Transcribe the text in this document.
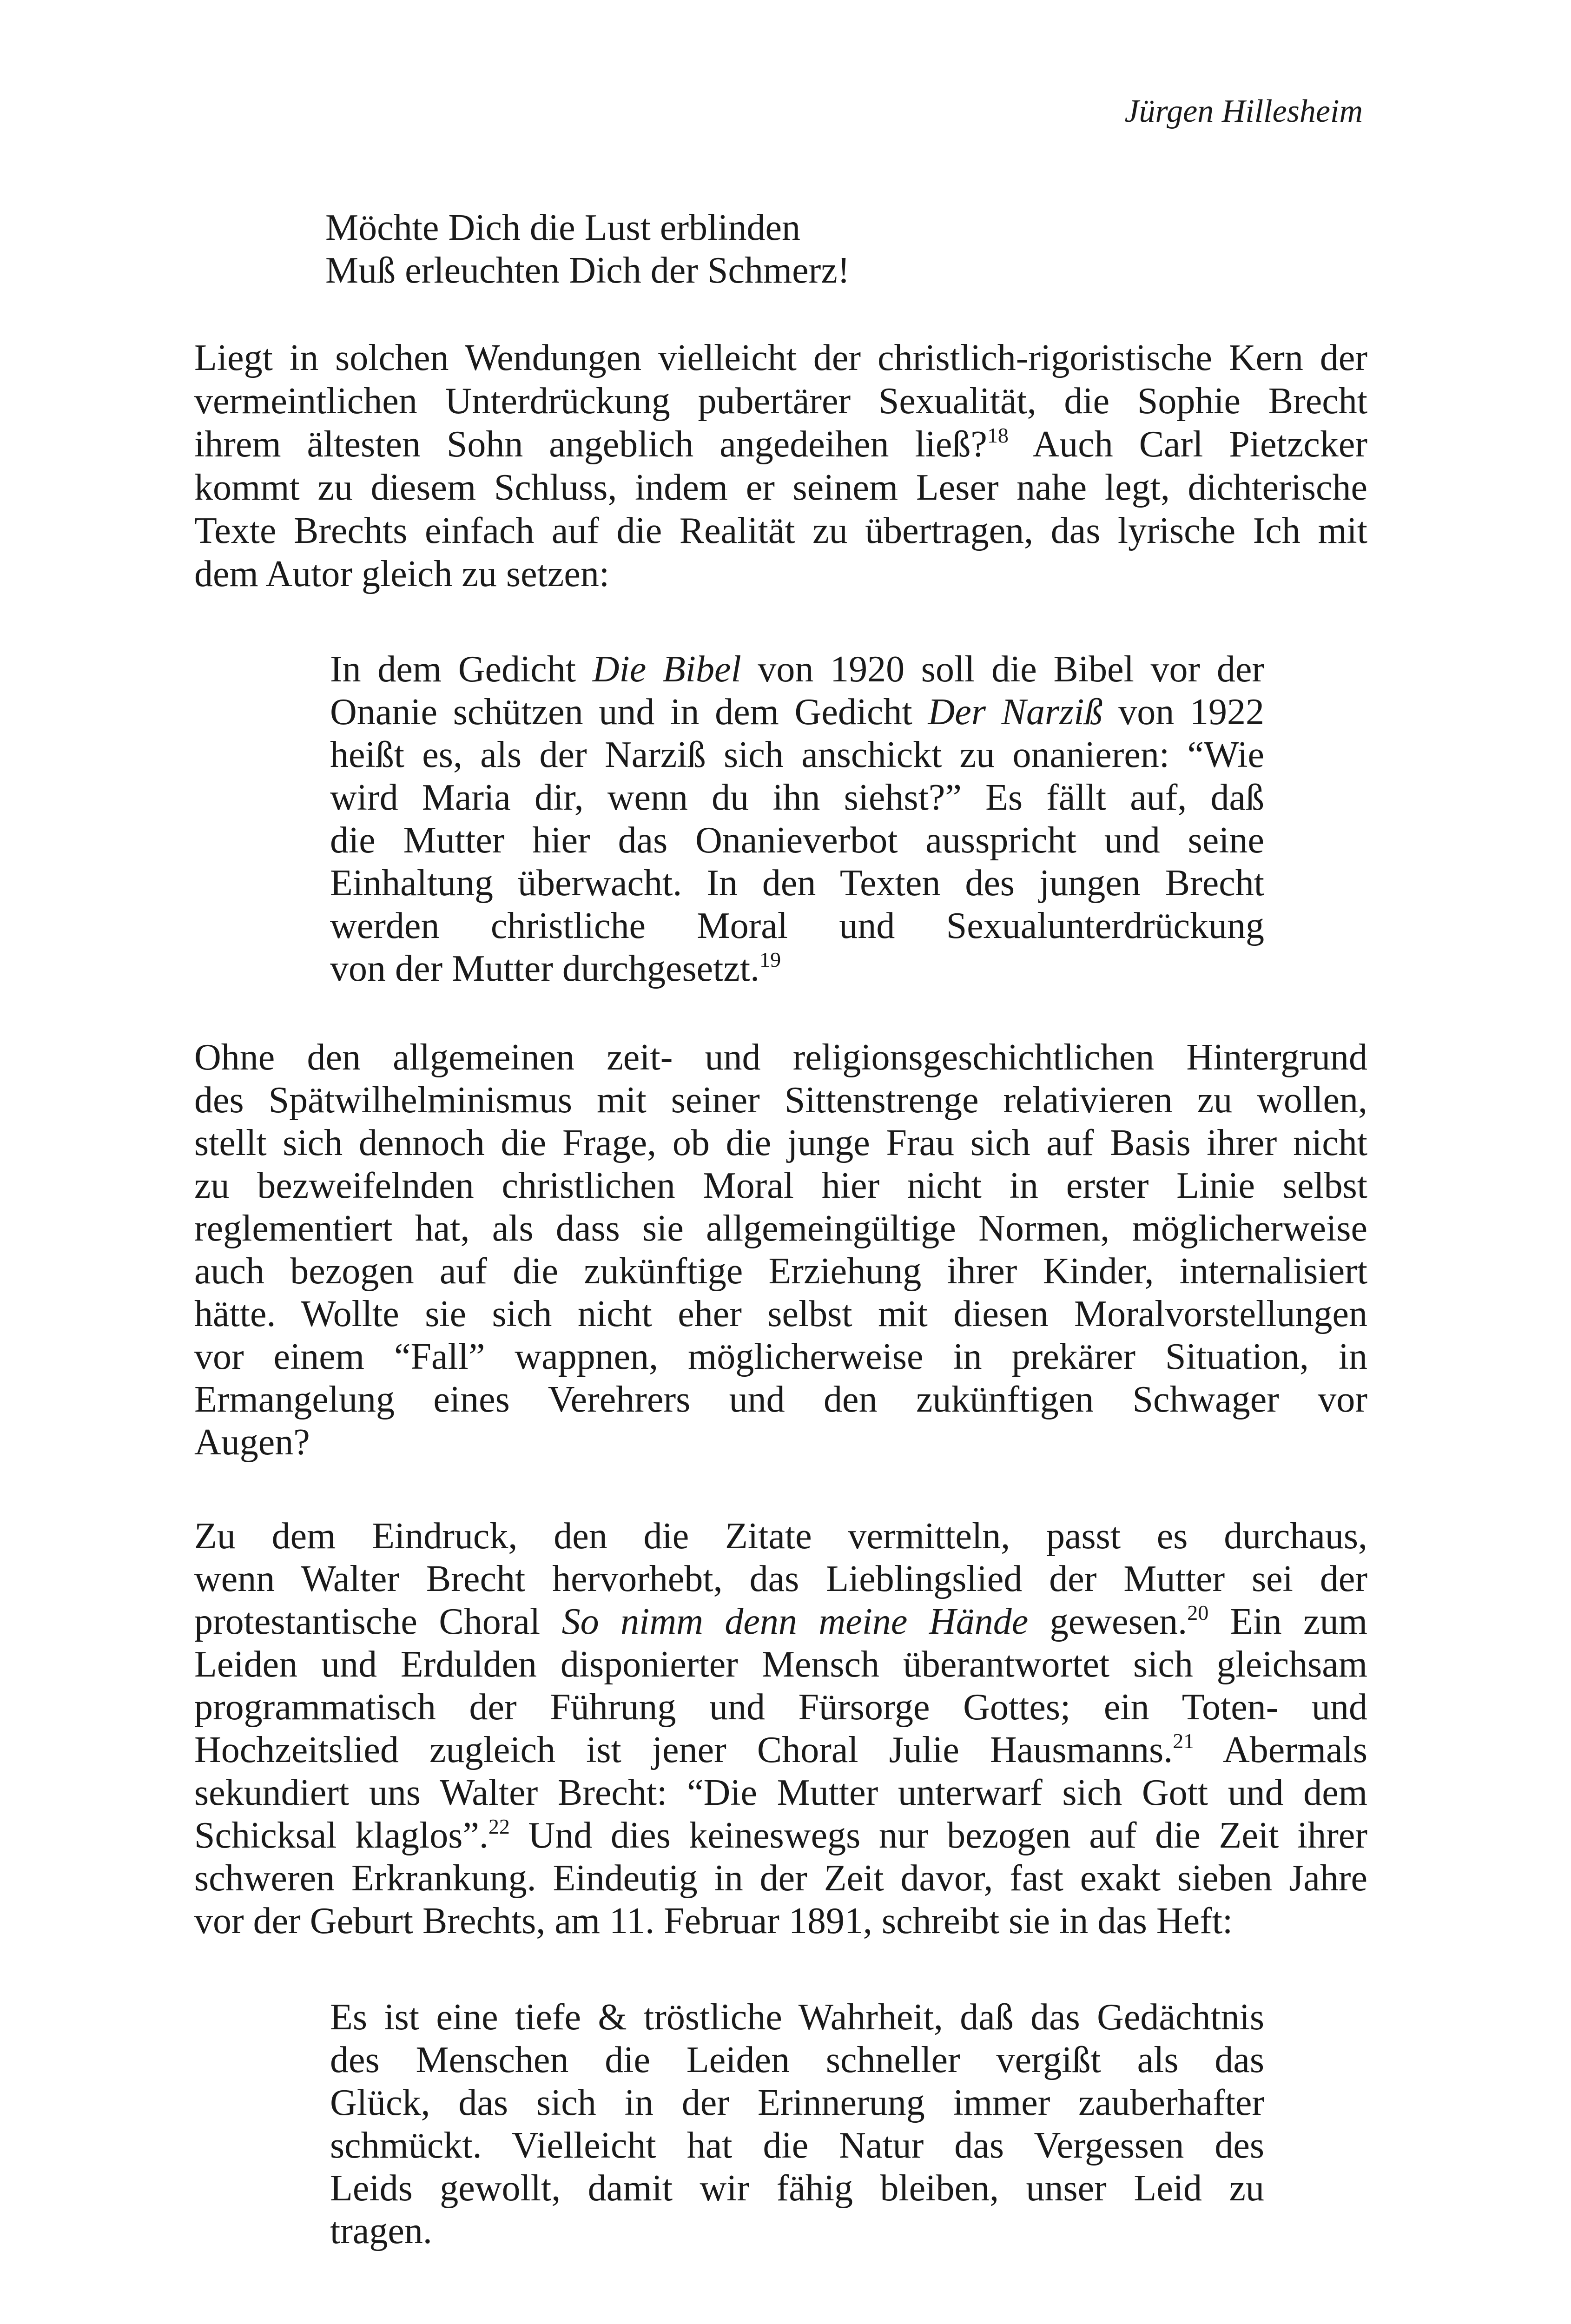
Jürgen Hillesheim
Möchte Dich die Lust erblinden
Muß erleuchten Dich der Schmerz!
Liegt in solchen Wendungen vielleicht der christlich-rigoristische Kern der
vermeintlichen Unterdrückung pubertärer Sexualität, die Sophie Brecht
ihrem ältesten Sohn angeblich angedeihen ließ?$^{18}$ Auch Carl Pietzcker
kommt zu diesem Schluss, indem er seinem Leser nahe legt, dichterische
Texte Brechts einfach auf die Realität zu übertragen, das lyrische Ich mit
dem Autor gleich zu setzen:
In dem Gedicht Die Bibel von 1920 soll die Bibel vor der
Onanie schützen und in dem Gedicht Der Narziß von 1922
heißt es, als der Narziß sich anschickt zu onanieren: “Wie
wird Maria dir, wenn du ihn siehst?” Es fällt auf, daß
die Mutter hier das Onanieverbot ausspricht und seine
Einhaltung überwacht. In den Texten des jungen Brecht
werden christliche Moral und Sexualunterdrückung
von der Mutter durchgesetzt.$^{19}$
Ohne den allgemeinen zeit- und religionsgeschichtlichen Hintergrund
des Spätwilhelminismus mit seiner Sittenstrenge relativieren zu wollen,
stellt sich dennoch die Frage, ob die junge Frau sich auf Basis ihrer nicht
zu bezweifelnden christlichen Moral hier nicht in erster Linie selbst
reglementiert hat, als dass sie allgemeingültige Normen, möglicherweise
auch bezogen auf die zukünftige Erziehung ihrer Kinder, internalisiert
hätte. Wollte sie sich nicht eher selbst mit diesen Moralvorstellungen
vor einem “Fall” wappnen, möglicherweise in prekärer Situation, in
Ermangelung eines Verehrers und den zukünftigen Schwager vor
Augen?
Zu dem Eindruck, den die Zitate vermitteln, passt es durchaus,
wenn Walter Brecht hervorhebt, das Lieblingslied der Mutter sei der
protestantische Choral So nimm denn meine Hände gewesen.$^{20}$ Ein zum
Leiden und Erdulden disponierter Mensch überantwortet sich gleichsam
programmatisch der Führung und Fürsorge Gottes; ein Toten- und
Hochzeitslied zugleich ist jener Choral Julie Hausmanns.$^{21}$ Abermals
sekundiert uns Walter Brecht: “Die Mutter unterwarf sich Gott und dem
Schicksal klaglos”.$^{22}$ Und dies keineswegs nur bezogen auf die Zeit ihrer
schweren Erkrankung. Eindeutig in der Zeit davor, fast exakt sieben Jahre
vor der Geburt Brechts, am 11. Februar 1891, schreibt sie in das Heft:
Es ist eine tiefe & tröstliche Wahrheit, daß das Gedächtnis
des Menschen die Leiden schneller vergißt als das
Glück, das sich in der Erinnerung immer zauberhafter
schmückt. Vielleicht hat die Natur das Vergessen des
Leids gewollt, damit wir fähig bleiben, unser Leid zu
tragen.
